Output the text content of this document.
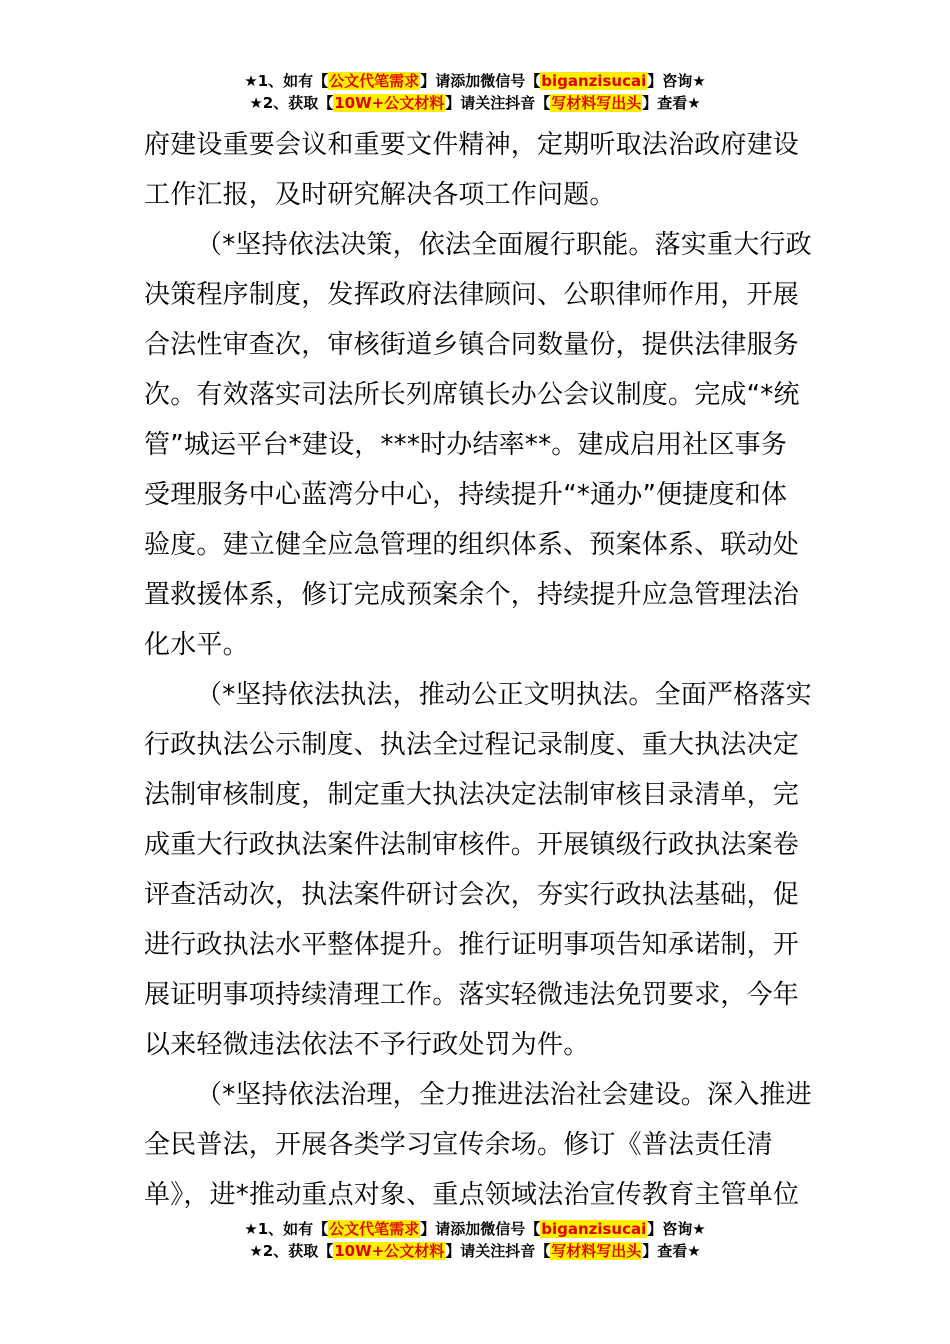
★1、如有【公文代笔需求】请添加微信号【biganzisucai】咨询★
★2、获取【10W+公文材料】请关注抖音【写材料写出头】查看★
府建设重要会议和重要文件精神，定期听取法治政府建设
工作汇报，及时研究解决各项工作问题。
（*坚持依法决策，依法全面履行职能。落实重大行政
决策程序制度，发挥政府法律顾问、公职律师作用，开展
合法性审查次，审核街道乡镇合同数量份，提供法律服务
次。有效落实司法所长列席镇长办公会议制度。完成“*统
管”城运平台*建设，***时办结率**。建成启用社区事务
受理服务中心蓝湾分中心，持续提升“*通办”便捷度和体
验度。建立健全应急管理的组织体系、预案体系、联动处
置救援体系，修订完成预案余个，持续提升应急管理法治
化水平。
（*坚持依法执法，推动公正文明执法。全面严格落实
行政执法公示制度、执法全过程记录制度、重大执法决定
法制审核制度，制定重大执法决定法制审核目录清单，完
成重大行政执法案件法制审核件。开展镇级行政执法案卷
评查活动次，执法案件研讨会次，夯实行政执法基础，促
进行政执法水平整体提升。推行证明事项告知承诺制，开
展证明事项持续清理工作。落实轻微违法免罚要求，今年
以来轻微违法依法不予行政处罚为件。
（*坚持依法治理，全力推进法治社会建设。深入推进
全民普法，开展各类学习宣传余场。修订《普法责任清
单》，进*推动重点对象、重点领域法治宣传教育主管单位
★1、如有【公文代笔需求】请添加微信号【biganzisucai】咨询★
★2、获取【10W+公文材料】请关注抖音【写材料写出头】查看★
